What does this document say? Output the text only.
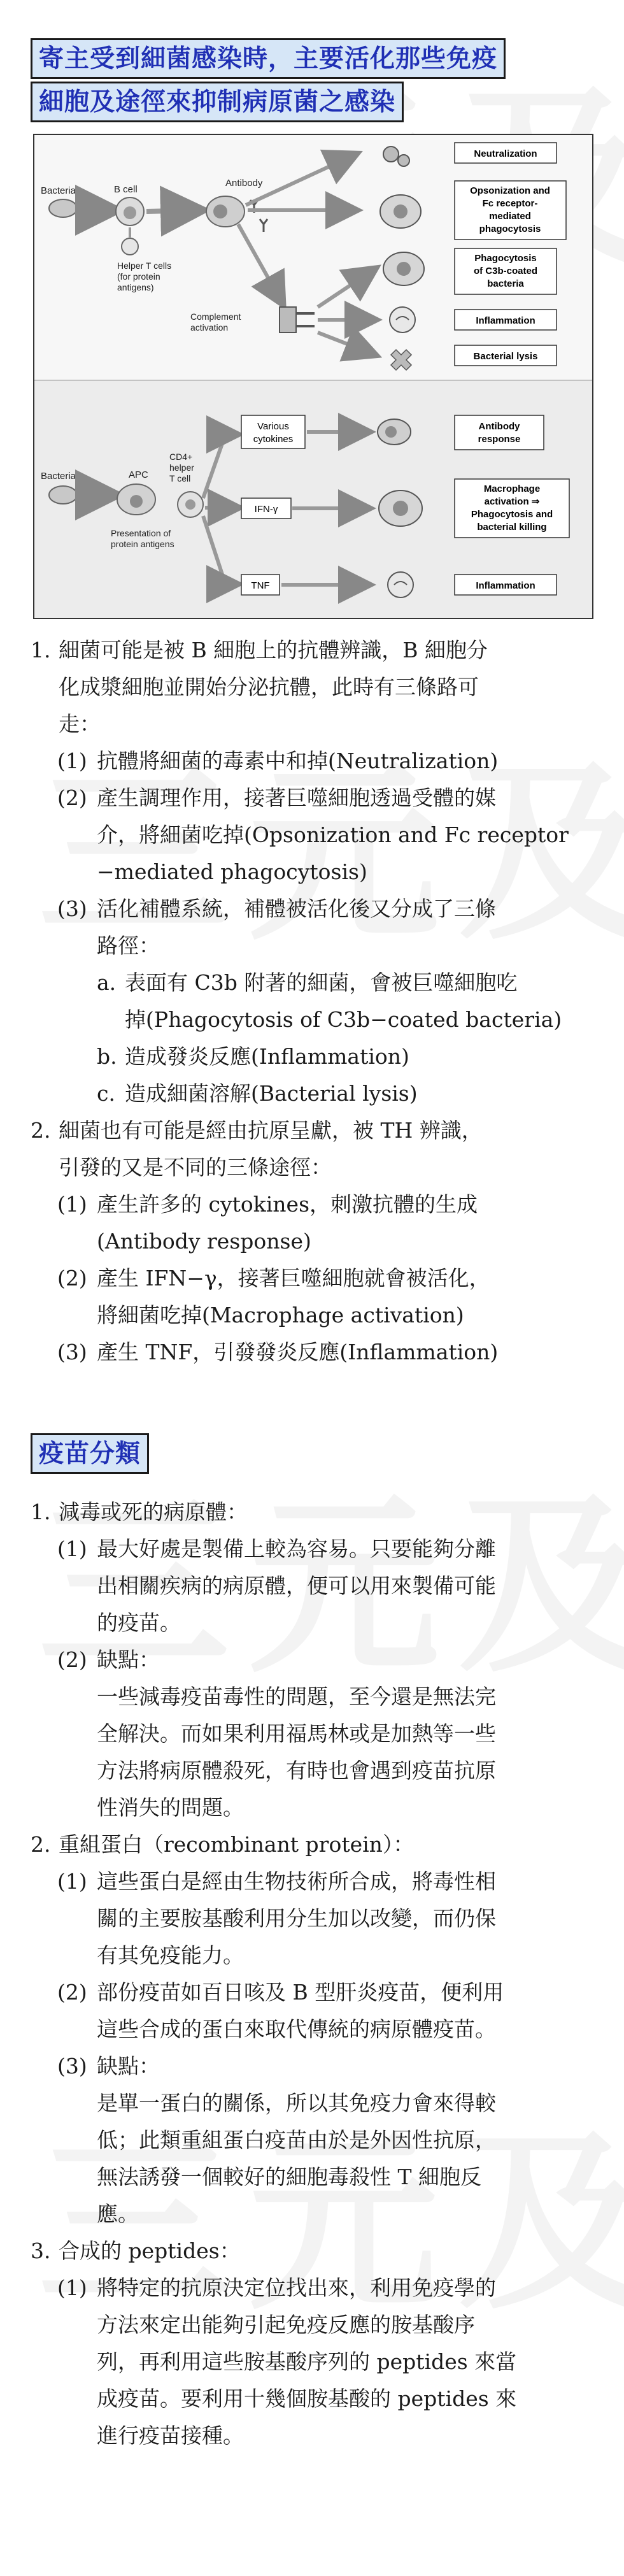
寄主受到細菌感染時，主要活化那些免疫
細胞及途徑來抑制病原菌之感染
Bacteria	B cell
Helper T cells
(for protein
antigens)
Antibody
Complement
activation
Neutralization
Opsonization and
Fc receptor-
mediated
phagocytosis
Phagocytosis
of C3b-coated
bacteria
Inflammation
Bacterial lysis
Bacteria	APC
CD4+
helper
T cell
Presentation of
protein antigens
Various
cytokines
IFN-γ
TNF
Antibody
response
Macrophage
activation ⇒
Phagocytosis and
bacterial killing
Inflammation
1. 細菌可能是被 B 細胞上的抗體辨識，B 細胞分
化成漿細胞並開始分泌抗體，此時有三條路可
走：
(1) 抗體將細菌的毒素中和掉(Neutralization)
(2) 產生調理作用，接著巨噬細胞透過受體的媒
介，將細菌吃掉(Opsonization and Fc receptor
−mediated phagocytosis)
(3) 活化補體系統，補體被活化後又分成了三條
路徑：
a. 表面有 C3b 附著的細菌，會被巨噬細胞吃
掉(Phagocytosis of C3b−coated bacteria)
b. 造成發炎反應(Inflammation)
c. 造成細菌溶解(Bacterial lysis)
2. 細菌也有可能是經由抗原呈獻，被 TH 辨識，
引發的又是不同的三條途徑：
(1) 產生許多的 cytokines，刺激抗體的生成
(Antibody response)
(2) 產生 IFN−γ，接著巨噬細胞就會被活化，
將細菌吃掉(Macrophage activation)
(3) 產生 TNF，引發發炎反應(Inflammation)
疫苗分類
1. 減毒或死的病原體：
(1) 最大好處是製備上較為容易。只要能夠分離
出相關疾病的病原體，便可以用來製備可能
的疫苗。
(2) 缺點：
一些減毒疫苗毒性的問題，至今還是無法完
全解決。而如果利用福馬林或是加熱等一些
方法將病原體殺死，有時也會遇到疫苗抗原
性消失的問題。
2. 重組蛋白（recombinant protein）：
(1) 這些蛋白是經由生物技術所合成，將毒性相
關的主要胺基酸利用分生加以改變，而仍保
有其免疫能力。
(2) 部份疫苗如百日咳及 B 型肝炎疫苗，便利用
這些合成的蛋白來取代傳統的病原體疫苗。
(3) 缺點：
是單一蛋白的關係，所以其免疫力會來得較
低；此類重組蛋白疫苗由於是外因性抗原，
無法誘發一個較好的細胞毒殺性 T 細胞反
應。
3. 合成的 peptides：
(1) 將特定的抗原決定位找出來，利用免疫學的
方法來定出能夠引起免疫反應的胺基酸序
列，再利用這些胺基酸序列的 peptides 來當
成疫苗。要利用十幾個胺基酸的 peptides 來
進行疫苗接種。
